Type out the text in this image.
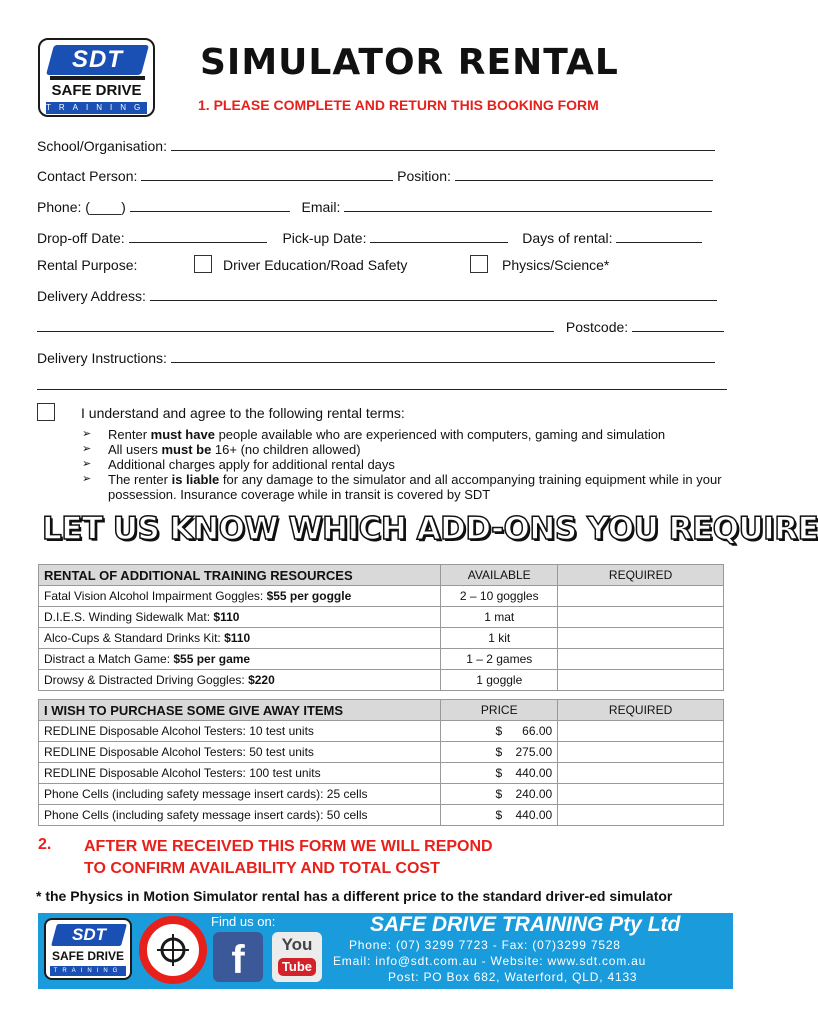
SDT
SAFE DRIVE
TRAINING
SIMULATOR RENTAL
1. PLEASE COMPLETE AND RETURN THIS BOOKING FORM
School/Organisation:
Contact Person:	Position:
Phone: (____)	Email:
Drop-off Date:	Pick-up Date:	Days of rental:
Rental Purpose:	Driver Education/Road Safety	Physics/Science*
Delivery Address:
Postcode:
Delivery Instructions:
I understand and agree to the following rental terms:
➢ Renter must have people available who are experienced with computers, gaming and simulation
➢ All users must be 16+ (no children allowed)
➢ Additional charges apply for additional rental days
➢ The renter is liable for any damage to the simulator and all accompanying training equipment while in your possession. Insurance coverage while in transit is covered by SDT
LET US KNOW WHICH ADD-ONS YOU REQUIRE
RENTAL OF ADDITIONAL TRAINING RESOURCES	AVAILABLE	REQUIRED
Fatal Vision Alcohol Impairment Goggles: $55 per goggle	2 – 10 goggles	
D.I.E.S. Winding Sidewalk Mat: $110	1 mat	
Alco-Cups & Standard Drinks Kit: $110	1 kit	
Distract a Match Game: $55 per game	1 – 2 games	
Drowsy & Distracted Driving Goggles: $220	1 goggle	
I WISH TO PURCHASE SOME GIVE AWAY ITEMS	PRICE	REQUIRED
REDLINE Disposable Alcohol Testers: 10 test units	$ 66.00	
REDLINE Disposable Alcohol Testers: 50 test units	$ 275.00	
REDLINE Disposable Alcohol Testers: 100 test units	$ 440.00	
Phone Cells (including safety message insert cards): 25 cells	$ 240.00	
Phone Cells (including safety message insert cards): 50 cells	$ 440.00	
2. AFTER WE RECEIVED THIS FORM WE WILL REPOND
TO CONFIRM AVAILABILITY AND TOTAL COST
* the Physics in Motion Simulator rental has a different price to the standard driver-ed simulator
SDT
SAFE DRIVE
TRAINING
Find us on:
f	You
Tube
SAFE DRIVE TRAINING Pty Ltd
Phone: (07) 3299 7723 - Fax: (07)3299 7528
Email: info@sdt.com.au - Website: www.sdt.com.au
Post: PO Box 682, Waterford, QLD, 4133
